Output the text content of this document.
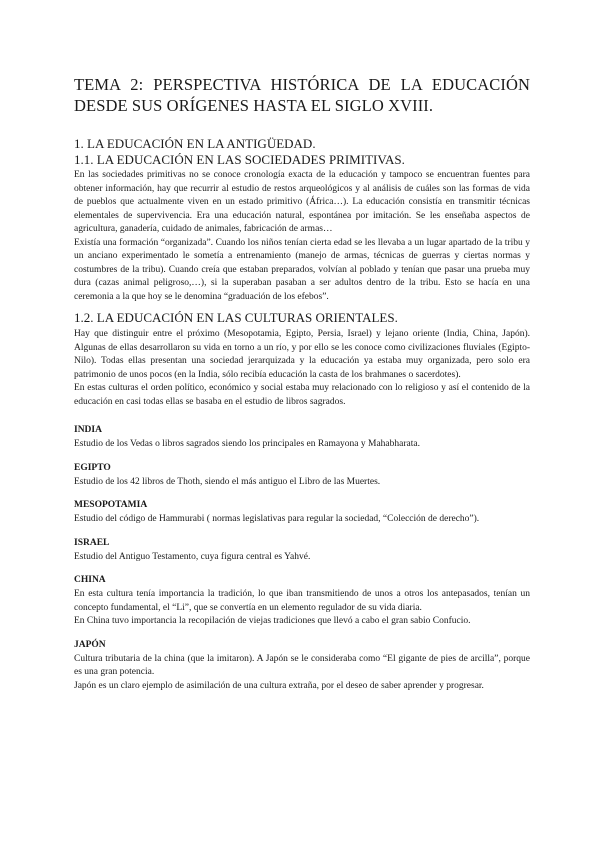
TEMA 2: PERSPECTIVA HISTÓRICA DE LA EDUCACIÓN DESDE SUS ORÍGENES HASTA EL SIGLO XVIII.
1. LA EDUCACIÓN EN LA ANTIGÜEDAD.
1.1. LA EDUCACIÓN EN LAS SOCIEDADES PRIMITIVAS.

En las sociedades primitivas no se conoce cronología exacta de la educación y tampoco se encuentran fuentes para obtener información, hay que recurrir al estudio de restos arqueológicos y al análisis de cuáles son las formas de vida de pueblos que actualmente viven en un estado primitivo (África…). La educación consistía en transmitir técnicas elementales de supervivencia. Era una educación natural, espontánea por imitación. Se les enseñaba aspectos de agricultura, ganadería, cuidado de animales, fabricación de armas…

Existía una formación “organizada”. Cuando los niños tenían cierta edad se les llevaba a un lugar apartado de la tribu y un anciano experimentado le sometía a entrenamiento (manejo de armas, técnicas de guerras y ciertas normas y costumbres de la tribu). Cuando creía que estaban preparados, volvían al poblado y tenían que pasar una prueba muy dura (cazas animal peligroso,…), si la superaban pasaban a ser adultos dentro de la tribu. Esto se hacía en una ceremonia a la que hoy se le denomina “graduación de los efebos”.

1.2. LA EDUCACIÓN EN LAS CULTURAS ORIENTALES.

Hay que distinguir entre el próximo (Mesopotamia, Egipto, Persia, Israel) y lejano oriente (India, China, Japón). Algunas de ellas desarrollaron su vida en torno a un río, y por ello se les conoce como civilizaciones fluviales (Egipto-Nilo). Todas ellas presentan una sociedad jerarquizada y la educación ya estaba muy organizada, pero solo era patrimonio de unos pocos (en la India, sólo recibía educación la casta de los brahmanes o sacerdotes).

En estas culturas el orden político, económico y social estaba muy relacionado con lo religioso y así el contenido de la educación en casi todas ellas se basaba en el estudio de libros sagrados.

INDIA

Estudio de los Vedas o libros sagrados siendo los principales en Ramayona y Mahabharata.

EGIPTO

Estudio de los 42 libros de Thoth, siendo el más antiguo el Libro de las Muertes.

MESOPOTAMIA

Estudio del código de Hammurabi ( normas legislativas para regular la sociedad, “Colección de derecho”).

ISRAEL

Estudio del Antiguo Testamento, cuya figura central es Yahvé.

CHINA

En esta cultura tenía importancia la tradición, lo que iban transmitiendo de unos a otros los antepasados, tenían un concepto fundamental, el “Li”, que se convertía en un elemento regulador de su vida diaria.

En China tuvo importancia la recopilación de viejas tradiciones que llevó a cabo el gran sabio Confucio.

JAPÓN

Cultura tributaria de la china (que la imitaron). A Japón se le consideraba como “El gigante de pies de arcilla”, porque es una gran potencia.

Japón es un claro ejemplo de asimilación de una cultura extraña, por el deseo de saber aprender y progresar.
